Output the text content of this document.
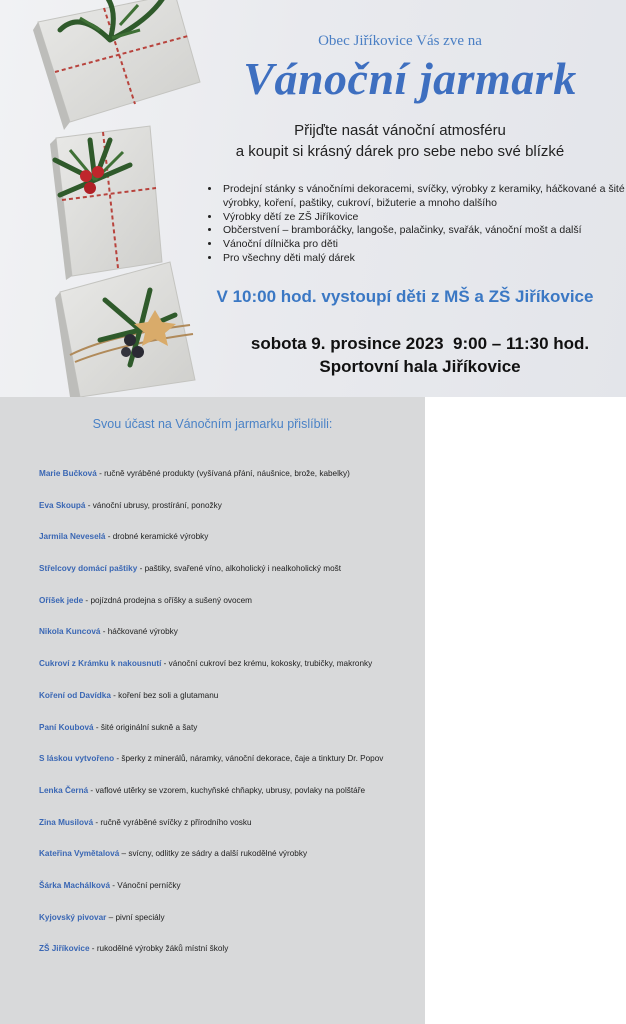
Obec Jiříkovice Vás zve na
Vánoční jarmark
Přijďte nasát vánoční atmosféru
a koupit si krásný dárek pro sebe nebo své blízké
• Prodejní stánky s vánočními dekoracemi, svíčky, výrobky z keramiky, háčkované a šité výrobky, koření, paštiky, cukroví, bižuterie a mnoho dalšího
• Výrobky dětí ze ZŠ Jiříkovice
• Občerstvení – bramboráčky, langoše, palačinky, svařák, vánoční mošt a další
• Vánoční dílnička pro děti
• Pro všechny děti malý dárek
V 10:00 hod. vystoupí děti z MŠ a ZŠ Jiříkovice
sobota 9. prosince 2023  9:00 – 11:30 hod.
Sportovní hala Jiříkovice
Svou účast na Vánočním jarmarku přislíbili:
Marie Bučková - ručně vyráběné produkty (vyšívaná přání, náušnice, brože, kabelky)
Eva Skoupá - vánoční ubrusy, prostírání, ponožky
Jarmila Neveselá - drobné keramické výrobky
Střelcovy domácí paštiky - paštiky, svařené víno, alkoholický i nealkoholický mošt
Oříšek jede - pojízdná prodejna s oříšky a sušený ovocem
Nikola Kuncová - háčkované výrobky
Cukroví z Krámku k nakousnutí - vánoční cukroví bez krému, kokosky, trubičky, makronky
Koření od Davídka - koření bez soli a glutamanu
Paní Koubová - šité originální sukně a šaty
S láskou vytvořeno - šperky z minerálů, náramky, vánoční dekorace, čaje a tinktury Dr. Popov
Lenka Černá - vaflové utěrky se vzorem, kuchyňské chňapky, ubrusy, povlaky na polštáře
Zina Musilová - ručně vyráběné svíčky z přírodního vosku
Kateřina Vymětalová – svícny, odlitky ze sádry a další rukodělné výrobky
Šárka Machálková - Vánoční perníčky
Kyjovský pivovar – pivní speciály
ZŠ Jiříkovice - rukodělné výrobky žáků místní školy
